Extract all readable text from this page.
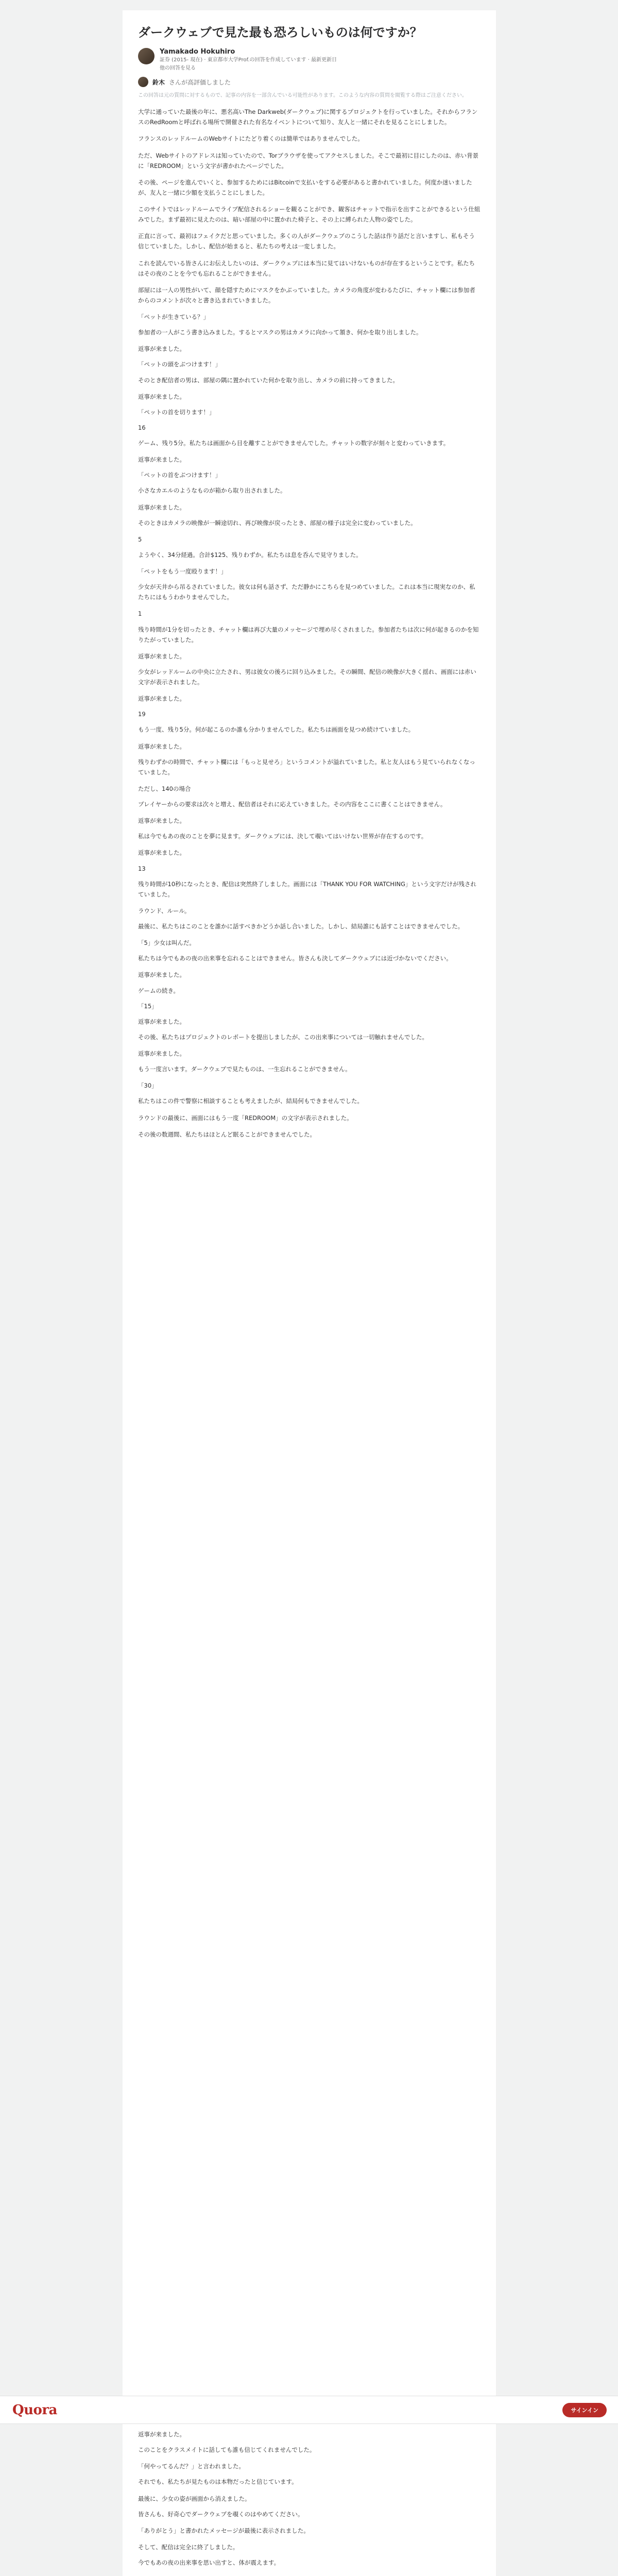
ダークウェブで見た最も恐ろしいものは何ですか？
Yamakado Hokuhiro
証券 (2015- 現在) · 東京都市大学Prof.の回答を作成しています · 最新更新日
他の回答を見る
鈴木 さんが高評価しました
この回答は元の質問に対するもので、記事の内容を一部含んでいる可能性があります。このような内容の質問を閲覧する際はご注意ください。

大学に通っていた最後の年に、悪名高いThe Darkweb(ダークウェブ)に関するプロジェクトを行っていました。それからフランスのRedRoomと呼ばれる場所で開催された有名なイベントについて知り、友人と一緒にそれを見ることにしました。

フランスのレッドルームのWebサイトにたどり着くのは簡単ではありませんでした。

ただ、Webサイトのアドレスは知っていたので、Torブラウザを使ってアクセスしました。そこで最初に目にしたのは、赤い背景に「REDROOM」という文字が書かれたページでした。

その後、ページを進んでいくと、参加するためにはBitcoinで支払いをする必要があると書かれていました。何度か迷いましたが、友人と一緒に少額を支払うことにしました。

このサイトではレッドルームでライブ配信されるショーを観ることができ、観客はチャットで指示を出すことができるという仕組みでした。まず最初に見えたのは、暗い部屋の中に置かれた椅子と、その上に縛られた人物の姿でした。

正直に言って、最初はフェイクだと思っていました。多くの人がダークウェブのこうした話は作り話だと言いますし、私もそう信じていました。しかし、配信が始まると、私たちの考えは一変しました。

これを読んでいる皆さんにお伝えしたいのは、ダークウェブには本当に見てはいけないものが存在するということです。私たちはその夜のことを今でも忘れることができません。

部屋には一人の男性がいて、顔を隠すためにマスクをかぶっていました。カメラの角度が変わるたびに、チャット欄には参加者からのコメントが次々と書き込まれていきました。

「ペットが生きている？」

参加者の一人がこう書き込みました。するとマスクの男はカメラに向かって頷き、何かを取り出しました。

返事が来ました。

「ペットの頭をぶつけます！」

そのとき配信者の男は、部屋の隅に置かれていた何かを取り出し、カメラの前に持ってきました。

返事が来ました。

「ペットの首を切ります！」

16

ゲーム、残り5分。私たちは画面から目を離すことができませんでした。チャットの数字が刻々と変わっていきます。

返事が来ました。

「ペットの首をぶつけます！」

小さなカエルのようなものが箱から取り出されました。

返事が来ました。

そのときはカメラの映像が一瞬途切れ、再び映像が戻ったとき、部屋の様子は完全に変わっていました。

5

ようやく、34分経過。合計$125、残りわずか。私たちは息を呑んで見守りました。

「ペットをもう一度殴ります！」

少女が天井から吊るされていました。彼女は何も話さず、ただ静かにこちらを見つめていました。これは本当に現実なのか、私たちにはもうわかりませんでした。

1

残り時間が1分を切ったとき、チャット欄は再び大量のメッセージで埋め尽くされました。参加者たちは次に何が起きるのかを知りたがっていました。

返事が来ました。

少女がレッドルームの中央に立たされ、男は彼女の後ろに回り込みました。その瞬間、配信の映像が大きく揺れ、画面には赤い文字が表示されました。

返事が来ました。

19

もう一度、残り5分。何が起こるのか誰も分かりませんでした。私たちは画面を見つめ続けていました。

返事が来ました。

残りわずかの時間で、チャット欄には「もっと見せろ」というコメントが溢れていました。私と友人はもう見ていられなくなっていました。

ただし、140の場合

プレイヤーからの要求は次々と増え、配信者はそれに応えていきました。その内容をここに書くことはできません。

返事が来ました。

私は今でもあの夜のことを夢に見ます。ダークウェブには、決して覗いてはいけない世界が存在するのです。

返事が来ました。

13

残り時間が10秒になったとき、配信は突然終了しました。画面には「THANK YOU FOR WATCHING」という文字だけが残されていました。

ラウンド、ルール。

最後に、私たちはこのことを誰かに話すべきかどうか話し合いました。しかし、結局誰にも話すことはできませんでした。

「5」少女は叫んだ。

私たちは今でもあの夜の出来事を忘れることはできません。皆さんも決してダークウェブには近づかないでください。

返事が来ました。

ゲームの続き。

「15」

返事が来ました。

その後、私たちはプロジェクトのレポートを提出しましたが、この出来事については一切触れませんでした。

返事が来ました。

もう一度言います。ダークウェブで見たものは、一生忘れることができません。

「30」

私たちはこの件で警察に相談することも考えましたが、結局何もできませんでした。

ラウンドの最後に、画面にはもう一度「REDROOM」の文字が表示されました。

その後の数週間、私たちはほとんど眠ることができませんでした。

Quora	サインイン

返事が来ました。

このことをクラスメイトに話しても誰も信じてくれませんでした。

「何やってるんだ？」と言われました。

それでも、私たちが見たものは本物だったと信じています。

最後に、少女の姿が画面から消えました。

皆さんも、好奇心でダークウェブを覗くのはやめてください。

「ありがとう」と書かれたメッセージが最後に表示されました。

そして、配信は完全に終了しました。

今でもあの夜の出来事を思い出すと、体が震えます。
